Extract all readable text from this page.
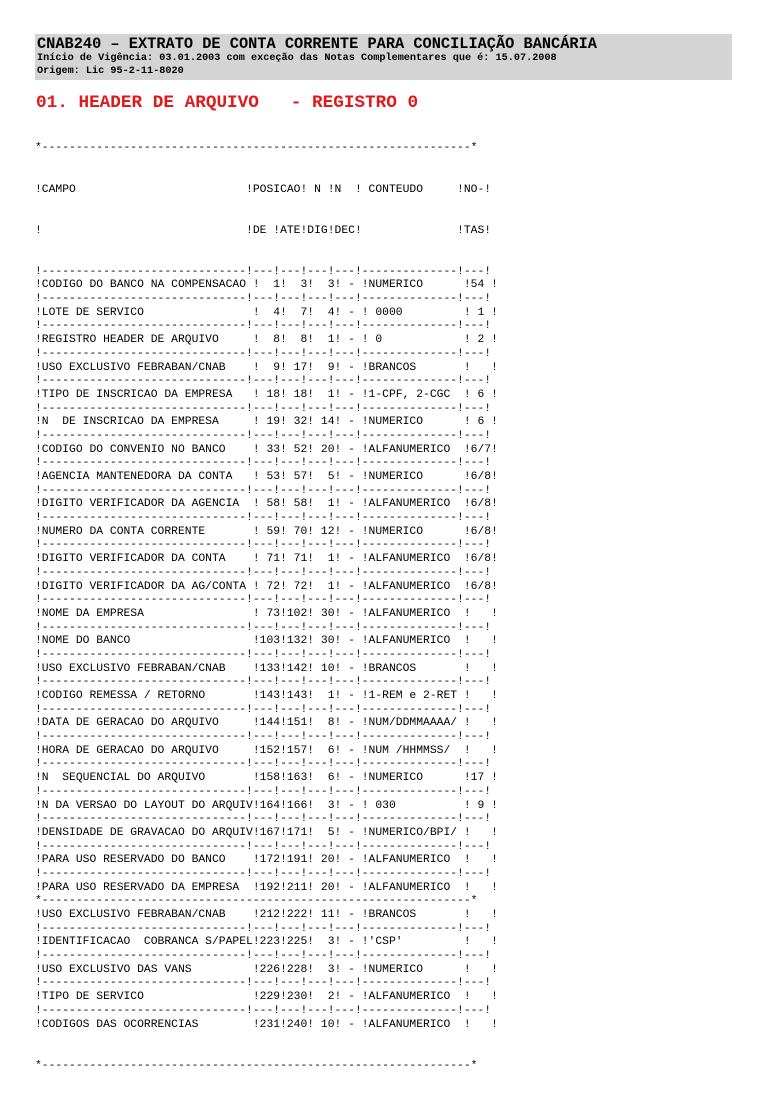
CNAB240 – EXTRATO DE CONTA CORRENTE PARA CONCILIAÇÃO BANCÁRIA
Início de Vigência: 03.01.2003 com exceção das Notas Complementares que é: 15.07.2008
Origem: Lic 95-2-11-8020
01. HEADER DE ARQUIVO   - REGISTRO 0

*---------------------------------------------------------------*

!CAMPO                         !POSICAO! N !N  ! CONTEUDO     !NO-!

!                              !DE !ATE!DIG!DEC!              !TAS!

!------------------------------!---!---!---!---!--------------!---!
!CODIGO DO BANCO NA COMPENSACAO !  1!  3!  3! - !NUMERICO      !54 !
!------------------------------!---!---!---!---!--------------!---!
!LOTE DE SERVICO                !  4!  7!  4! - ! 0000         ! 1 !
!------------------------------!---!---!---!---!--------------!---!
!REGISTRO HEADER DE ARQUIVO     !  8!  8!  1! - ! 0            ! 2 !
!------------------------------!---!---!---!---!--------------!---!
!USO EXCLUSIVO FEBRABAN/CNAB    !  9! 17!  9! - !BRANCOS       !   !
!------------------------------!---!---!---!---!--------------!---!
!TIPO DE INSCRICAO DA EMPRESA   ! 18! 18!  1! - !1-CPF, 2-CGC  ! 6 !
!------------------------------!---!---!---!---!--------------!---!
!N  DE INSCRICAO DA EMPRESA     ! 19! 32! 14! - !NUMERICO      ! 6 !
!------------------------------!---!---!---!---!--------------!---!
!CODIGO DO CONVENIO NO BANCO    ! 33! 52! 20! - !ALFANUMERICO  !6/7!
!------------------------------!---!---!---!---!--------------!---!
!AGENCIA MANTENEDORA DA CONTA   ! 53! 57!  5! - !NUMERICO      !6/8!
!------------------------------!---!---!---!---!--------------!---!
!DIGITO VERIFICADOR DA AGENCIA  ! 58! 58!  1! - !ALFANUMERICO  !6/8!
!------------------------------!---!---!---!---!--------------!---!
!NUMERO DA CONTA CORRENTE       ! 59! 70! 12! - !NUMERICO      !6/8!
!------------------------------!---!---!---!---!--------------!---!
!DIGITO VERIFICADOR DA CONTA    ! 71! 71!  1! - !ALFANUMERICO  !6/8!
!------------------------------!---!---!---!---!--------------!---!
!DIGITO VERIFICADOR DA AG/CONTA ! 72! 72!  1! - !ALFANUMERICO  !6/8!
!------------------------------!---!---!---!---!--------------!---!
!NOME DA EMPRESA                ! 73!102! 30! - !ALFANUMERICO  !   !
!------------------------------!---!---!---!---!--------------!---!
!NOME DO BANCO                  !103!132! 30! - !ALFANUMERICO  !   !
!------------------------------!---!---!---!---!--------------!---!
!USO EXCLUSIVO FEBRABAN/CNAB    !133!142! 10! - !BRANCOS       !   !
!------------------------------!---!---!---!---!--------------!---!
!CODIGO REMESSA / RETORNO       !143!143!  1! - !1-REM e 2-RET !   !
!------------------------------!---!---!---!---!--------------!---!
!DATA DE GERACAO DO ARQUIVO     !144!151!  8! - !NUM/DDMMAAAA/ !   !
!------------------------------!---!---!---!---!--------------!---!
!HORA DE GERACAO DO ARQUIVO     !152!157!  6! - !NUM /HHMMSS/  !   !
!------------------------------!---!---!---!---!--------------!---!
!N  SEQUENCIAL DO ARQUIVO       !158!163!  6! - !NUMERICO      !17 !
!------------------------------!---!---!---!---!--------------!---!
!N DA VERSAO DO LAYOUT DO ARQUIV!164!166!  3! - ! 030          ! 9 !
!------------------------------!---!---!---!---!--------------!---!
!DENSIDADE DE GRAVACAO DO ARQUIV!167!171!  5! - !NUMERICO/BPI/ !   !
!------------------------------!---!---!---!---!--------------!---!
!PARA USO RESERVADO DO BANCO    !172!191! 20! - !ALFANUMERICO  !   !
!------------------------------!---!---!---!---!--------------!---!
!PARA USO RESERVADO DA EMPRESA  !192!211! 20! - !ALFANUMERICO  !   !
*---------------------------------------------------------------*
!USO EXCLUSIVO FEBRABAN/CNAB    !212!222! 11! - !BRANCOS       !   !
!------------------------------!---!---!---!---!--------------!---!
!IDENTIFICACAO  COBRANCA S/PAPEL!223!225!  3! - !'CSP'         !   !
!------------------------------!---!---!---!---!--------------!---!
!USO EXCLUSIVO DAS VANS         !226!228!  3! - !NUMERICO      !   !
!------------------------------!---!---!---!---!--------------!---!
!TIPO DE SERVICO                !229!230!  2! - !ALFANUMERICO  !   !
!------------------------------!---!---!---!---!--------------!---!
!CODIGOS DAS OCORRENCIAS        !231!240! 10! - !ALFANUMERICO  !   !

*---------------------------------------------------------------*
